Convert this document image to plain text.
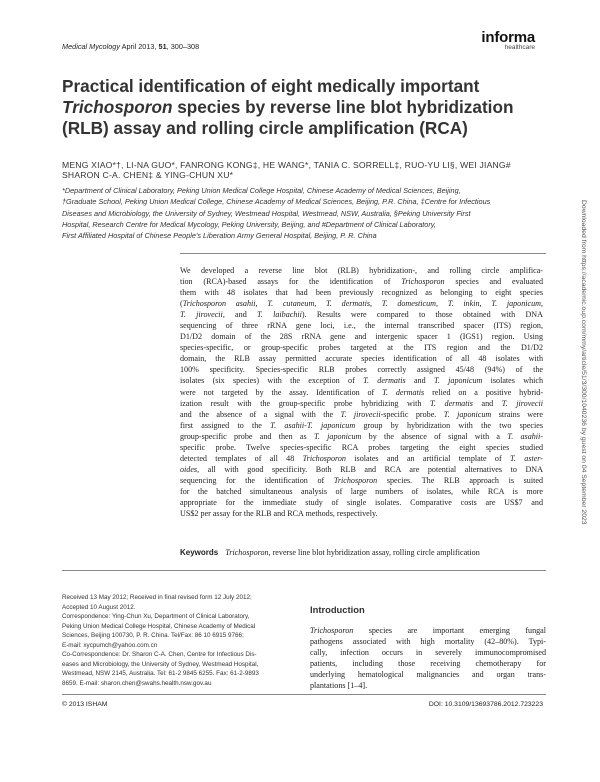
Medical Mycology April 2013, 51, 300–308
informa
healthcare
Practical identification of eight medically important
Trichosporon species by reverse line blot hybridization
(RLB) assay and rolling circle amplification (RCA)
MENG XIAO*†, LI-NA GUO*, FANRONG KONG‡, HE WANG*, TANIA C. SORRELL‡, RUO-YU LI§, WEI JIANG# SHARON C-A. CHEN‡ & YING-CHUN XU*
*Department of Clinical Laboratory, Peking Union Medical College Hospital, Chinese Academy of Medical Sciences, Beijing,
†Graduate School, Peking Union Medical College, Chinese Academy of Medical Sciences, Beijing, P.R. China, ‡Centre for Infectious
Diseases and Microbiology, the University of Sydney, Westmead Hospital, Westmead, NSW, Australia, §Peking University First
Hospital, Research Centre for Medical Mycology, Peking University, Beijing, and #Department of Clinical Laboratory,
First Affiliated Hospital of Chinese People's Liberation Army General Hospital, Beijing, P. R. China
We developed a reverse line blot (RLB) hybridization-, and rolling circle amplifica-
tion (RCA)-based assays for the identification of Trichosporon species and evaluated
them with 48 isolates that had been previously recognized as belonging to eight species
(Trichosporon asahii, T. cutaneum, T. dermatis, T. domesticum, T. inkin, T. japonicum,
T. jirovecii, and T. laibachii). Results were compared to those obtained with DNA
sequencing of three rRNA gene loci, i.e., the internal transcribed spacer (ITS) region,
D1/D2 domain of the 28S rRNA gene and intergenic spacer 1 (IGS1) region. Using
species-specific, or group-specific probes targeted at the ITS region and the D1/D2
domain, the RLB assay permitted accurate species identification of all 48 isolates with
100% specificity. Species-specific RLB probes correctly assigned 45/48 (94%) of the
isolates (six species) with the exception of T. dermatis and T. japonicum isolates which
were not targeted by the assay. Identification of T. dermatis relied on a positive hybrid-
ization result with the group-specific probe hybridizing with T. dermatis and T. jirovecii
and the absence of a signal with the T. jirovecii-specific probe. T. japonicum strains were
first assigned to the T. asahii-T. japonicum group by hybridization with the two species
group-specific probe and then as T. japonicum by the absence of signal with a T. asahii-
specific probe. Twelve species-specific RCA probes targeting the eight species studied
detected templates of all 48 Trichosporon isolates and an artificial template of T. aster-
oides, all with good specificity. Both RLB and RCA are potential alternatives to DNA
sequencing for the identification of Trichosporon species. The RLB approach is suited
for the batched simultaneous analysis of large numbers of isolates, while RCA is more
appropriate for the immediate study of single isolates. Comparative costs are US$7 and
US$2 per assay for the RLB and RCA methods, respectively.
Keywords Trichosporon, reverse line blot hybridization assay, rolling circle amplification
Received 13 May 2012; Received in final revised form 12 July 2012;
Accepted 10 August 2012.
Correspondence: Ying-Chun Xu, Department of Clinical Laboratory,
Peking Union Medical College Hospital, Chinese Academy of Medical
Sciences, Beijing 100730, P. R. China. Tel/Fax: 86 10 6915 9766;
E-mail: xycpumch@yahoo.com.cn
Co-Correspondence: Dr. Sharon C-A. Chen, Centre for Infectious Dis-
eases and Microbiology, the University of Sydney, Westmead Hospital,
Westmead, NSW 2145, Australia. Tel: 61-2 9845 6255. Fax: 61-2-9893
8659. E-mail: sharon.chen@swahs.health.nsw.gov.au
Introduction
Trichosporon species are important emerging fungal
pathogens associated with high mortality (42–80%). Typi-
cally, infection occurs in severely immunocompromised
patients, including those receiving chemotherapy for
underlying hematological malignancies and organ trans-
plantations [1–4].
© 2013 ISHAM	DOI: 10.3109/13693786.2012.723223
Downloaded from https://academic.oup.com/mmy/article/51/3/300/1040236 by guest on 04 September 2023
